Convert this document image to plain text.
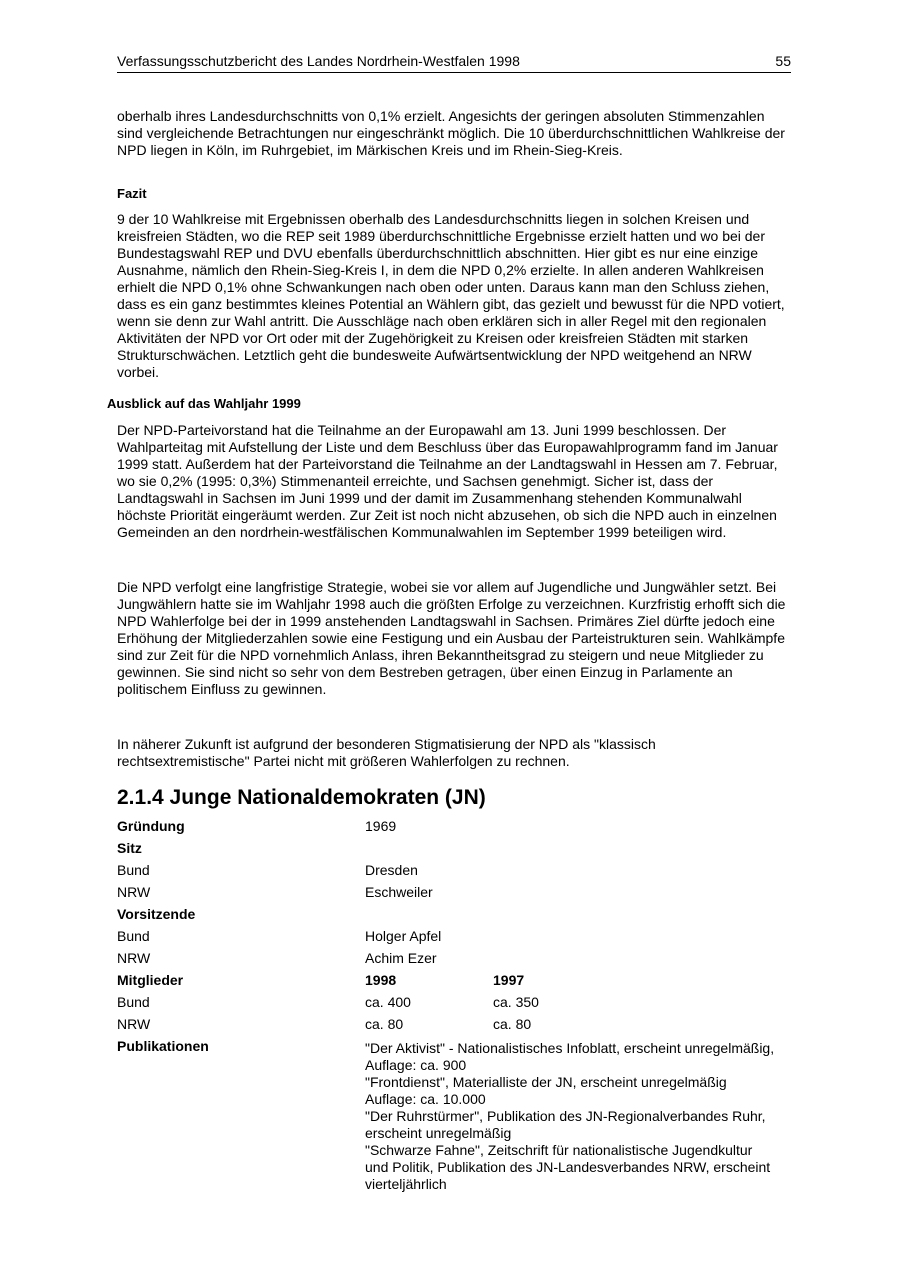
Verfassungsschutzbericht des Landes Nordrhein-Westfalen 1998	55

oberhalb ihres Landesdurchschnitts von 0,1% erzielt. Angesichts der geringen absoluten Stimmenzahlen sind vergleichende Betrachtungen nur eingeschränkt möglich. Die 10 überdurchschnittlichen Wahlkreise der NPD liegen in Köln, im Ruhrgebiet, im Märkischen Kreis und im Rhein-Sieg-Kreis.

Fazit

9 der 10 Wahlkreise mit Ergebnissen oberhalb des Landesdurchschnitts liegen in solchen Kreisen und kreisfreien Städten, wo die REP seit 1989 überdurchschnittliche Ergebnisse erzielt hatten und wo bei der Bundestagswahl REP und DVU ebenfalls überdurchschnittlich abschnitten. Hier gibt es nur eine einzige Ausnahme, nämlich den Rhein-Sieg-Kreis I, in dem die NPD 0,2% erzielte. In allen anderen Wahlkreisen erhielt die NPD 0,1% ohne Schwankungen nach oben oder unten. Daraus kann man den Schluss ziehen, dass es ein ganz bestimmtes kleines Potential an Wählern gibt, das gezielt und bewusst für die NPD votiert, wenn sie denn zur Wahl antritt. Die Ausschläge nach oben erklären sich in aller Regel mit den regionalen Aktivitäten der NPD vor Ort oder mit der Zugehörigkeit zu Kreisen oder kreisfreien Städten mit starken Strukturschwächen. Letztlich geht die bundesweite Aufwärtsentwicklung der NPD weitgehend an NRW vorbei.

Ausblick auf das Wahljahr 1999

Der NPD-Parteivorstand hat die Teilnahme an der Europawahl am 13. Juni 1999 beschlossen. Der Wahlparteitag mit Aufstellung der Liste und dem Beschluss über das Europawahlprogramm fand im Januar 1999 statt. Außerdem hat der Parteivorstand die Teilnahme an der Landtagswahl in Hessen am 7. Februar, wo sie 0,2% (1995: 0,3%) Stimmenanteil erreichte, und Sachsen genehmigt. Sicher ist, dass der Landtagswahl in Sachsen im Juni 1999 und der damit im Zusammenhang stehenden Kommunalwahl höchste Priorität eingeräumt werden. Zur Zeit ist noch nicht abzusehen, ob sich die NPD auch in einzelnen Gemeinden an den nordrhein-westfälischen Kommunalwahlen im September 1999 beteiligen wird.

Die NPD verfolgt eine langfristige Strategie, wobei sie vor allem auf Jugendliche und Jungwähler setzt. Bei Jungwählern hatte sie im Wahljahr 1998 auch die größten Erfolge zu verzeichnen. Kurzfristig erhofft sich die NPD Wahlerfolge bei der in 1999 anstehenden Landtagswahl in Sachsen. Primäres Ziel dürfte jedoch eine Erhöhung der Mitgliederzahlen sowie eine Festigung und ein Ausbau der Parteistrukturen sein. Wahlkämpfe sind zur Zeit für die NPD vornehmlich Anlass, ihren Bekanntheitsgrad zu steigern und neue Mitglieder zu gewinnen. Sie sind nicht so sehr von dem Bestreben getragen, über einen Einzug in Parlamente an politischem Einfluss zu gewinnen.

In näherer Zukunft ist aufgrund der besonderen Stigmatisierung der NPD als "klassisch rechtsextremistische" Partei nicht mit größeren Wahlerfolgen zu rechnen.

2.1.4 Junge Nationaldemokraten (JN)
Gründung	1969
Sitz
Bund	Dresden
NRW	Eschweiler
Vorsitzende
Bund	Holger Apfel
NRW	Achim Ezer
Mitglieder	1998	1997
Bund	ca. 400	ca. 350
NRW	ca. 80	ca. 80
Publikationen	"Der Aktivist" - Nationalistisches Infoblatt, erscheint unregelmäßig, Auflage: ca. 900
"Frontdienst", Materialliste der JN, erscheint unregelmäßig Auflage: ca. 10.000
"Der Ruhrstürmer", Publikation des JN-Regionalverbandes Ruhr, erscheint unregelmäßig
"Schwarze Fahne", Zeitschrift für nationalistische Jugendkultur und Politik, Publikation des JN-Landesverbandes NRW, erscheint vierteljährlich
